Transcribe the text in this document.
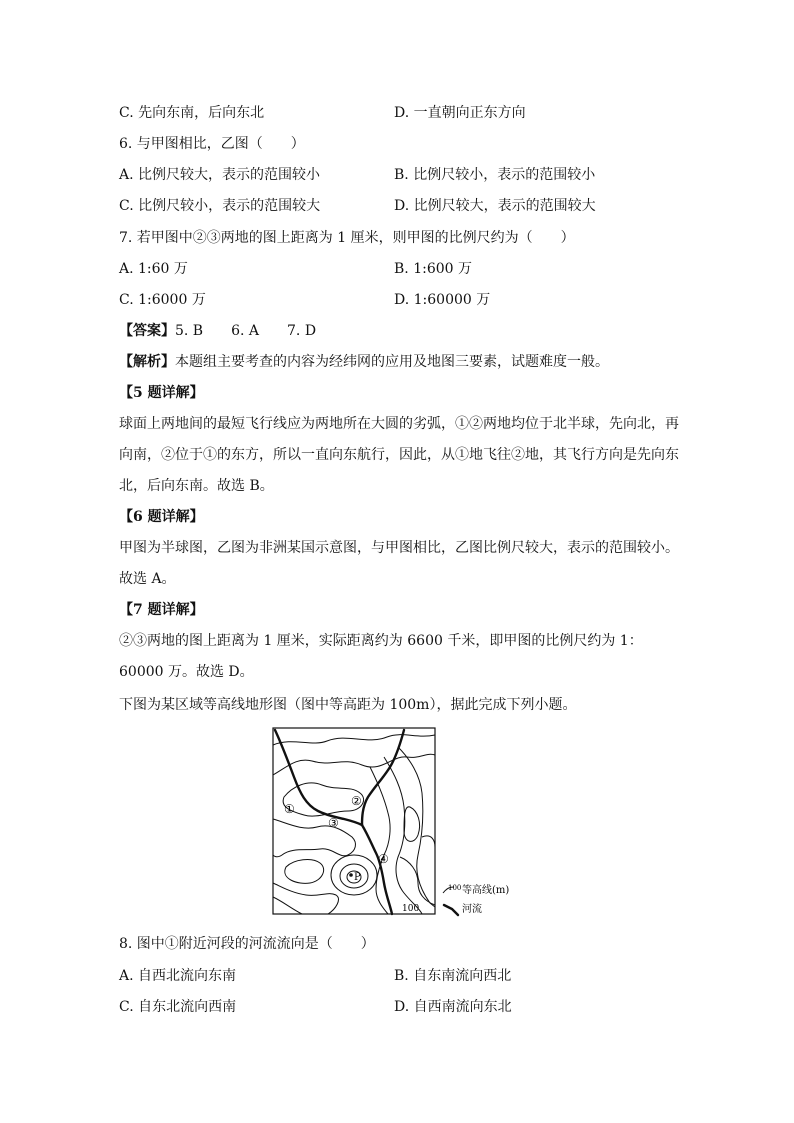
C. 先向东南，后向东北	D. 一直朝向正东方向
6. 与甲图相比，乙图（　　）
A. 比例尺较大，表示的范围较小	B. 比例尺较小，表示的范围较小
C. 比例尺较小，表示的范围较大	D. 比例尺较大，表示的范围较大
7. 若甲图中②③两地的图上距离为 1 厘米，则甲图的比例尺约为（　　）
A. 1:60 万	B. 1:600 万
C. 1:6000 万	D. 1:60000 万
【答案】5. B　　6. A　　7. D
【解析】本题组主要考查的内容为经纬网的应用及地图三要素，试题难度一般。
【5 题详解】
球面上两地间的最短飞行线应为两地所在大圆的劣弧，①②两地均位于北半球，先向北，再向南，②位于①的东方，所以一直向东航行，因此，从①地飞往②地，其飞行方向是先向东北，后向东南。故选 B。
【6 题详解】
甲图为半球图，乙图为非洲某国示意图，与甲图相比，乙图比例尺较大，表示的范围较小。故选 A。
【7 题详解】
②③两地的图上距离为 1 厘米，实际距离约为 6600 千米，即甲图的比例尺约为 1：60000 万。故选 D。
下图为某区域等高线地形图（图中等高距为 100m），据此完成下列小题。
①
②
③
④
P
100
100 等高线(m)
河流
8. 图中①附近河段的河流流向是（　　）
A. 自西北流向东南	B. 自东南流向西北
C. 自东北流向西南	D. 自西南流向东北
